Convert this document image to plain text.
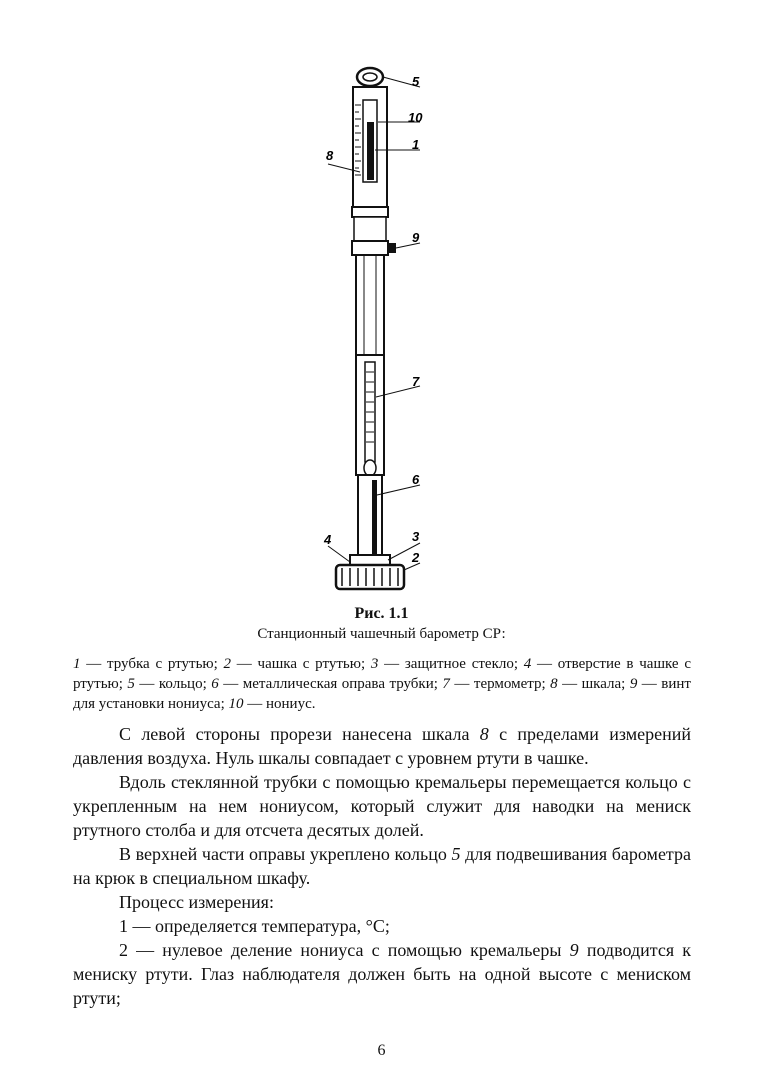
5
10
1
8
9
7
6
4	3
2
Рис. 1.1
Станционный чашечный барометр СР:
1 — трубка с ртутью; 2 — чашка с ртутью; 3 — защитное стекло; 4 — отверстие в чашке с ртутью; 5 — кольцо; 6 — металлическая оправа трубки; 7 — термометр; 8 — шкала; 9 — винт для установки нониуса; 10 — нониус.

С левой стороны прорези нанесена шкала 8 с пределами измерений давления воздуха. Нуль шкалы совпадает с уровнем ртути в чашке.

Вдоль стеклянной трубки с помощью кремальеры перемещается кольцо с укрепленным на нем нониусом, который служит для наводки на мениск ртутного столба и для отсчета десятых долей.

В верхней части оправы укреплено кольцо 5 для подвешивания барометра на крюк в специальном шкафу.

Процесс измерения:

1 — определяется температура, °С;

2 — нулевое деление нониуса с помощью кремальеры 9 подводится к мениску ртути. Глаз наблюдателя должен быть на одной высоте с мениском ртути;

6
